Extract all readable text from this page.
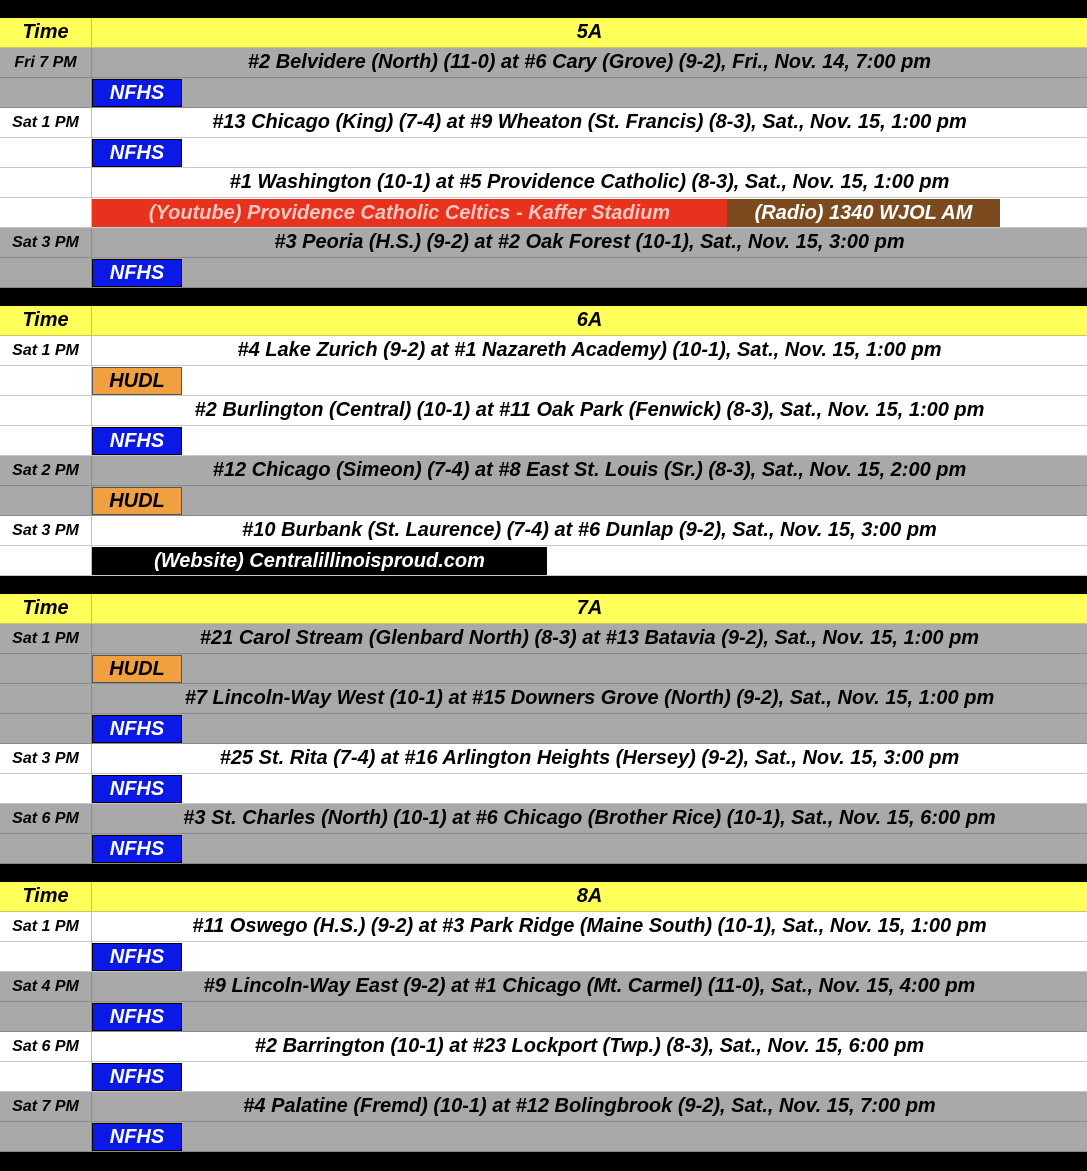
Time	5A
Fri 7 PM	#2 Belvidere (North) (11-0) at #6 Cary (Grove) (9-2), Fri., Nov. 14, 7:00 pm
NFHS
Sat 1 PM	#13 Chicago (King) (7-4) at #9 Wheaton (St. Francis) (8-3), Sat., Nov. 15, 1:00 pm
NFHS
#1 Washington (10-1) at #5 Providence Catholic) (8-3), Sat., Nov. 15, 1:00 pm
(Youtube) Providence Catholic Celtics - Kaffer Stadium	(Radio) 1340 WJOL AM
Sat 3 PM	#3 Peoria (H.S.) (9-2) at #2 Oak Forest (10-1), Sat., Nov. 15, 3:00 pm
NFHS
Time	6A
Sat 1 PM	#4 Lake Zurich (9-2) at #1 Nazareth Academy) (10-1), Sat., Nov. 15, 1:00 pm
HUDL
#2 Burlington (Central) (10-1) at #11 Oak Park (Fenwick) (8-3), Sat., Nov. 15, 1:00 pm
NFHS
Sat 2 PM	#12 Chicago (Simeon) (7-4) at #8 East St. Louis (Sr.) (8-3), Sat., Nov. 15, 2:00 pm
HUDL
Sat 3 PM	#10 Burbank (St. Laurence) (7-4) at #6 Dunlap (9-2), Sat., Nov. 15, 3:00 pm
(Website) Centralillinoisproud.com
Time	7A
Sat 1 PM	#21 Carol Stream (Glenbard North) (8-3) at #13 Batavia (9-2), Sat., Nov. 15, 1:00 pm
HUDL
#7 Lincoln-Way West (10-1) at #15 Downers Grove (North) (9-2), Sat., Nov. 15, 1:00 pm
NFHS
Sat 3 PM	#25 St. Rita (7-4) at #16 Arlington Heights (Hersey) (9-2), Sat., Nov. 15, 3:00 pm
NFHS
Sat 6 PM	#3 St. Charles (North) (10-1) at #6 Chicago (Brother Rice) (10-1), Sat., Nov. 15, 6:00 pm
NFHS
Time	8A
Sat 1 PM	#11 Oswego (H.S.) (9-2) at #3 Park Ridge (Maine South) (10-1), Sat., Nov. 15, 1:00 pm
NFHS
Sat 4 PM	#9 Lincoln-Way East (9-2) at #1 Chicago (Mt. Carmel) (11-0), Sat., Nov. 15, 4:00 pm
NFHS
Sat 6 PM	#2 Barrington (10-1) at #23 Lockport (Twp.) (8-3), Sat., Nov. 15, 6:00 pm
NFHS
Sat 7 PM	#4 Palatine (Fremd) (10-1) at #12 Bolingbrook (9-2), Sat., Nov. 15, 7:00 pm
NFHS
